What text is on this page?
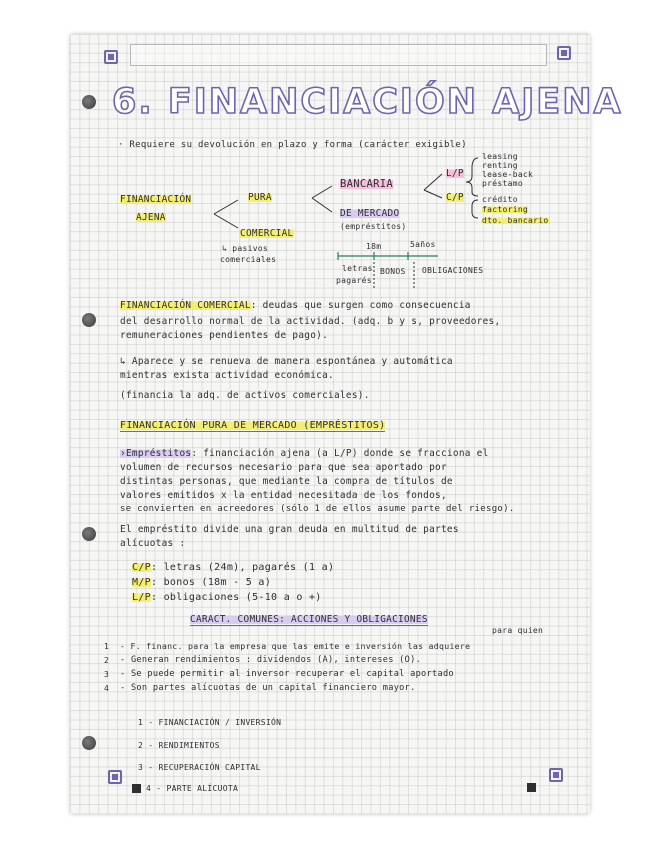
6. FINANCIACIÓN AJENA
· Requiere su devolución en plazo y forma (carácter exigible)
FINANCIACIÓN
AJENA
PURA
COMERCIAL
↳ pasivos
comerciales
BANCARIA
DE MERCADO
(empréstitos)
L/P
C/P
leasing
renting
lease-back
préstamo
crédito
factoring
dto. bancario
18m	5años
letras
pagarés
BONOS OBLIGACIONES
FINANCIACIÓN COMERCIAL: deudas que surgen como consecuencia
del desarrollo normal de la actividad. (adq. b y s, proveedores,
remuneraciones pendientes de pago).
↳ Aparece y se renueva de manera espontánea y automática
mientras exista actividad económica.
(financia la adq. de activos comerciales).
FINANCIACIÓN PURA DE MERCADO (EMPRÉSTITOS)
›Empréstitos: financiación ajena (a L/P) donde se fracciona el
volumen de recursos necesario para que sea aportado por
distintas personas, que mediante la compra de títulos de
valores emitidos x la entidad necesitada de los fondos,
se convierten en acreedores (sólo 1 de ellos asume parte del riesgo).
El empréstito divide una gran deuda en multitud de partes
alícuotas :
C/P: letras (24m), pagarés (1 a)
M/P: bonos (18m - 5 a)
L/P: obligaciones (5-10 a o +)
CARACT. COMUNES: ACCIONES Y OBLIGACIONES
para quien
1 - F. financ. para la empresa que las emite e inversión las adquiere
2 - Generan rendimientos : dividendos (A), intereses (O).
3 - Se puede permitir al inversor recuperar el capital aportado
4 - Son partes alícuotas de un capital financiero mayor.
1 - FINANCIACIÓN / INVERSIÓN
2 - RENDIMIENTOS
3 - RECUPERACIÓN CAPITAL
4 - PARTE ALÍCUOTA
